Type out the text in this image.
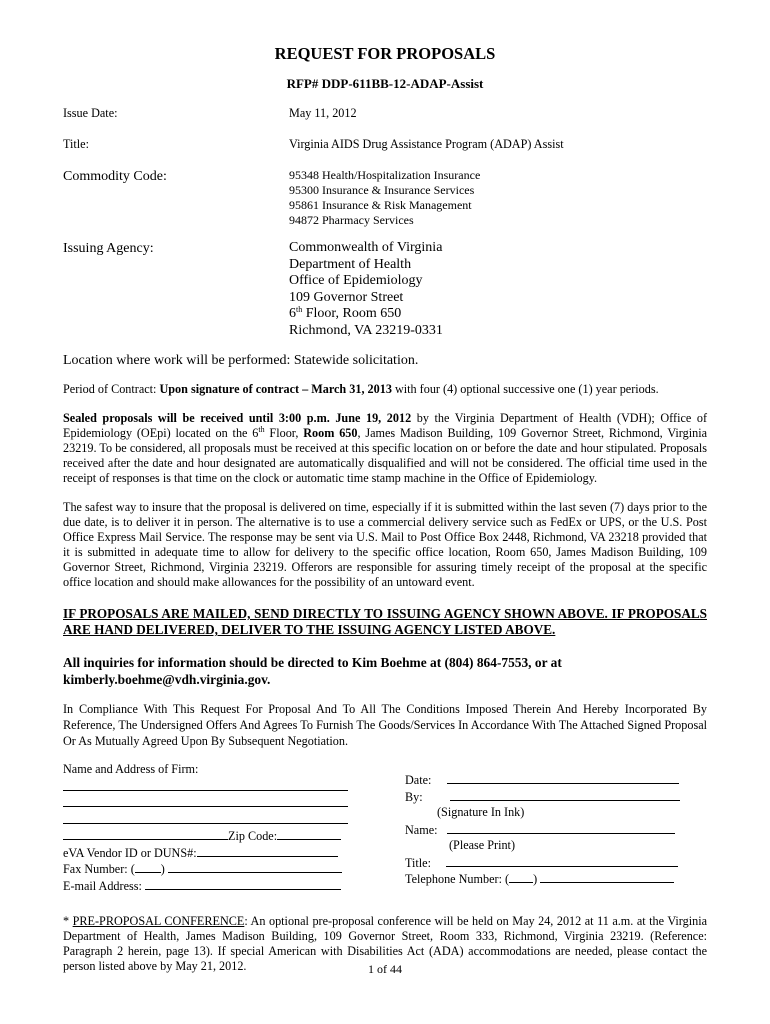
REQUEST FOR PROPOSALS
RFP# DDP-611BB-12-ADAP-Assist
Issue Date:	May 11, 2012
Title:	Virginia AIDS Drug Assistance Program (ADAP) Assist
Commodity Code:	95348 Health/Hospitalization Insurance
95300 Insurance & Insurance Services
95861 Insurance & Risk Management
94872 Pharmacy Services
Issuing Agency:	Commonwealth of Virginia
Department of Health
Office of Epidemiology
109 Governor Street
6th Floor, Room 650
Richmond, VA 23219-0331
Location where work will be performed: Statewide solicitation.
Period of Contract: Upon signature of contract – March 31, 2013 with four (4) optional successive one (1) year periods.

Sealed proposals will be received until 3:00 p.m. June 19, 2012 by the Virginia Department of Health (VDH); Office of Epidemiology (OEpi) located on the 6th Floor, Room 650, James Madison Building, 109 Governor Street, Richmond, Virginia 23219. To be considered, all proposals must be received at this specific location on or before the date and hour stipulated. Proposals received after the date and hour designated are automatically disqualified and will not be considered. The official time used in the receipt of responses is that time on the clock or automatic time stamp machine in the Office of Epidemiology.

The safest way to insure that the proposal is delivered on time, especially if it is submitted within the last seven (7) days prior to the due date, is to deliver it in person. The alternative is to use a commercial delivery service such as FedEx or UPS, or the U.S. Post Office Express Mail Service. The response may be sent via U.S. Mail to Post Office Box 2448, Richmond, VA 23218 provided that it is submitted in adequate time to allow for delivery to the specific office location, Room 650, James Madison Building, 109 Governor Street, Richmond, Virginia 23219. Offerors are responsible for assuring timely receipt of the proposal at the specific office location and should make allowances for the possibility of an untoward event.

IF PROPOSALS ARE MAILED, SEND DIRECTLY TO ISSUING AGENCY SHOWN ABOVE. IF PROPOSALS ARE HAND DELIVERED, DELIVER TO THE ISSUING AGENCY LISTED ABOVE.

All inquiries for information should be directed to Kim Boehme at (804) 864-7553, or at kimberly.boehme@vdh.virginia.gov.

In Compliance With This Request For Proposal And To All The Conditions Imposed Therein And Hereby Incorporated By Reference, The Undersigned Offers And Agrees To Furnish The Goods/Services In Accordance With The Attached Signed Proposal Or As Mutually Agreed Upon By Subsequent Negotiation.

Name and Address of Firm:
Zip Code:
eVA Vendor ID or DUNS#:
Fax Number: ( )
E-mail Address:
Date:
By:
(Signature In Ink)
Name:
(Please Print)
Title:
Telephone Number: ( )

* PRE-PROPOSAL CONFERENCE: An optional pre-proposal conference will be held on May 24, 2012 at 11 a.m. at the Virginia Department of Health, James Madison Building, 109 Governor Street, Room 333, Richmond, Virginia 23219. (Reference: Paragraph 2 herein, page 13). If special American with Disabilities Act (ADA) accommodations are needed, please contact the person listed above by May 21, 2012.	1 of 44
